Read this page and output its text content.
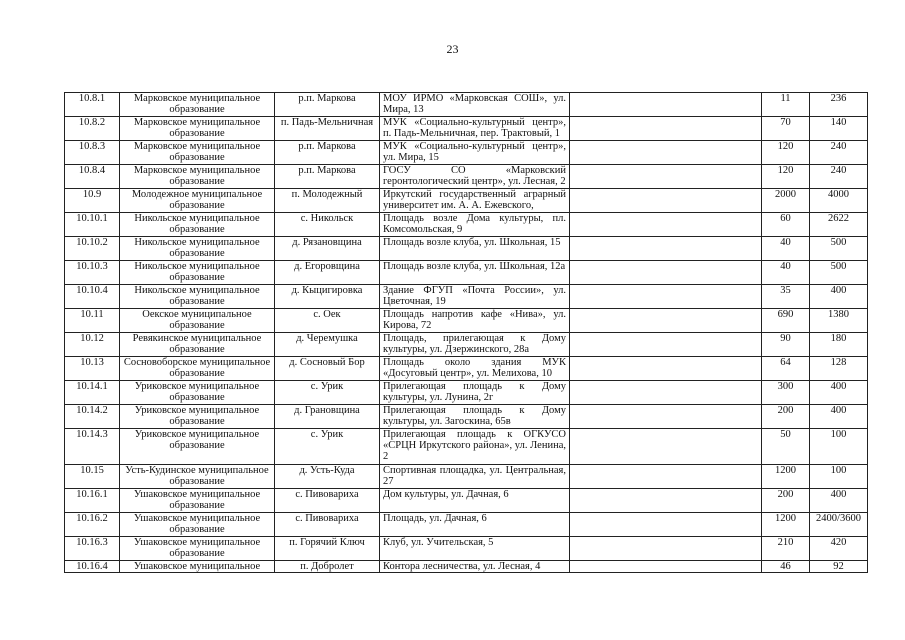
23
10.8.1	Марковское муниципальное образование	р.п. Маркова	МОУ ИРМО «Марковская СОШ», ул. Мира, 13		11	236
10.8.2	Марковское муниципальное образование	п. Падь-Мельничная	МУК «Социально-культурный центр», п. Падь-Мельничная, пер. Трактовый, 1		70	140
10.8.3	Марковское муниципальное образование	р.п. Маркова	МУК «Социально-культурный центр», ул. Мира, 15		120	240
10.8.4	Марковское муниципальное образование	р.п. Маркова	ГОСУ СО «Марковский геронтологический центр», ул. Лесная, 2		120	240
10.9	Молодежное муниципальное образование	п. Молодежный	Иркутский государственный аграрный университет им. А. А. Ежевского,		2000	4000
10.10.1	Никольское муниципальное образование	с. Никольск	Площадь возле Дома культуры, пл. Комсомольская, 9		60	2622
10.10.2	Никольское муниципальное образование	д. Рязановщина	Площадь возле клуба, ул. Школьная, 15		40	500
10.10.3	Никольское муниципальное образование	д. Егоровщина	Площадь возле клуба, ул. Школьная, 12а		40	500
10.10.4	Никольское муниципальное образование	д. Кыцигировка	Здание ФГУП «Почта России», ул. Цветочная, 19		35	400
10.11	Оекское муниципальное образование	с. Оек	Площадь напротив кафе «Нива», ул. Кирова, 72		690	1380
10.12	Ревякинское муниципальное образование	д. Черемушка	Площадь, прилегающая к Дому культуры, ул. Дзержинского, 28а		90	180
10.13	Сосновоборское муниципальное образование	д. Сосновый Бор	Площадь около здания МУК «Досуговый центр», ул. Мелихова, 10		64	128
10.14.1	Уриковское муниципальное образование	с. Урик	Прилегающая площадь к Дому культуры, ул. Лунина, 2г		300	400
10.14.2	Уриковское муниципальное образование	д. Грановщина	Прилегающая площадь к Дому культуры, ул. Загоскина, 65в		200	400
10.14.3	Уриковское муниципальное образование	с. Урик	Прилегающая площадь к ОГКУСО «СРЦН Иркутского района», ул. Ленина, 2		50	100
10.15	Усть-Кудинское муниципальное образование	д. Усть-Куда	Спортивная площадка, ул. Центральная, 27		1200	100
10.16.1	Ушаковское муниципальное образование	с. Пивовариха	Дом культуры, ул. Дачная, 6		200	400
10.16.2	Ушаковское муниципальное образование	с. Пивовариха	Площадь, ул. Дачная, 6		1200	2400/3600
10.16.3	Ушаковское муниципальное образование	п. Горячий Ключ	Клуб, ул. Учительская, 5		210	420
10.16.4	Ушаковское муниципальное	п. Добролет	Контора лесничества, ул. Лесная, 4		46	92
